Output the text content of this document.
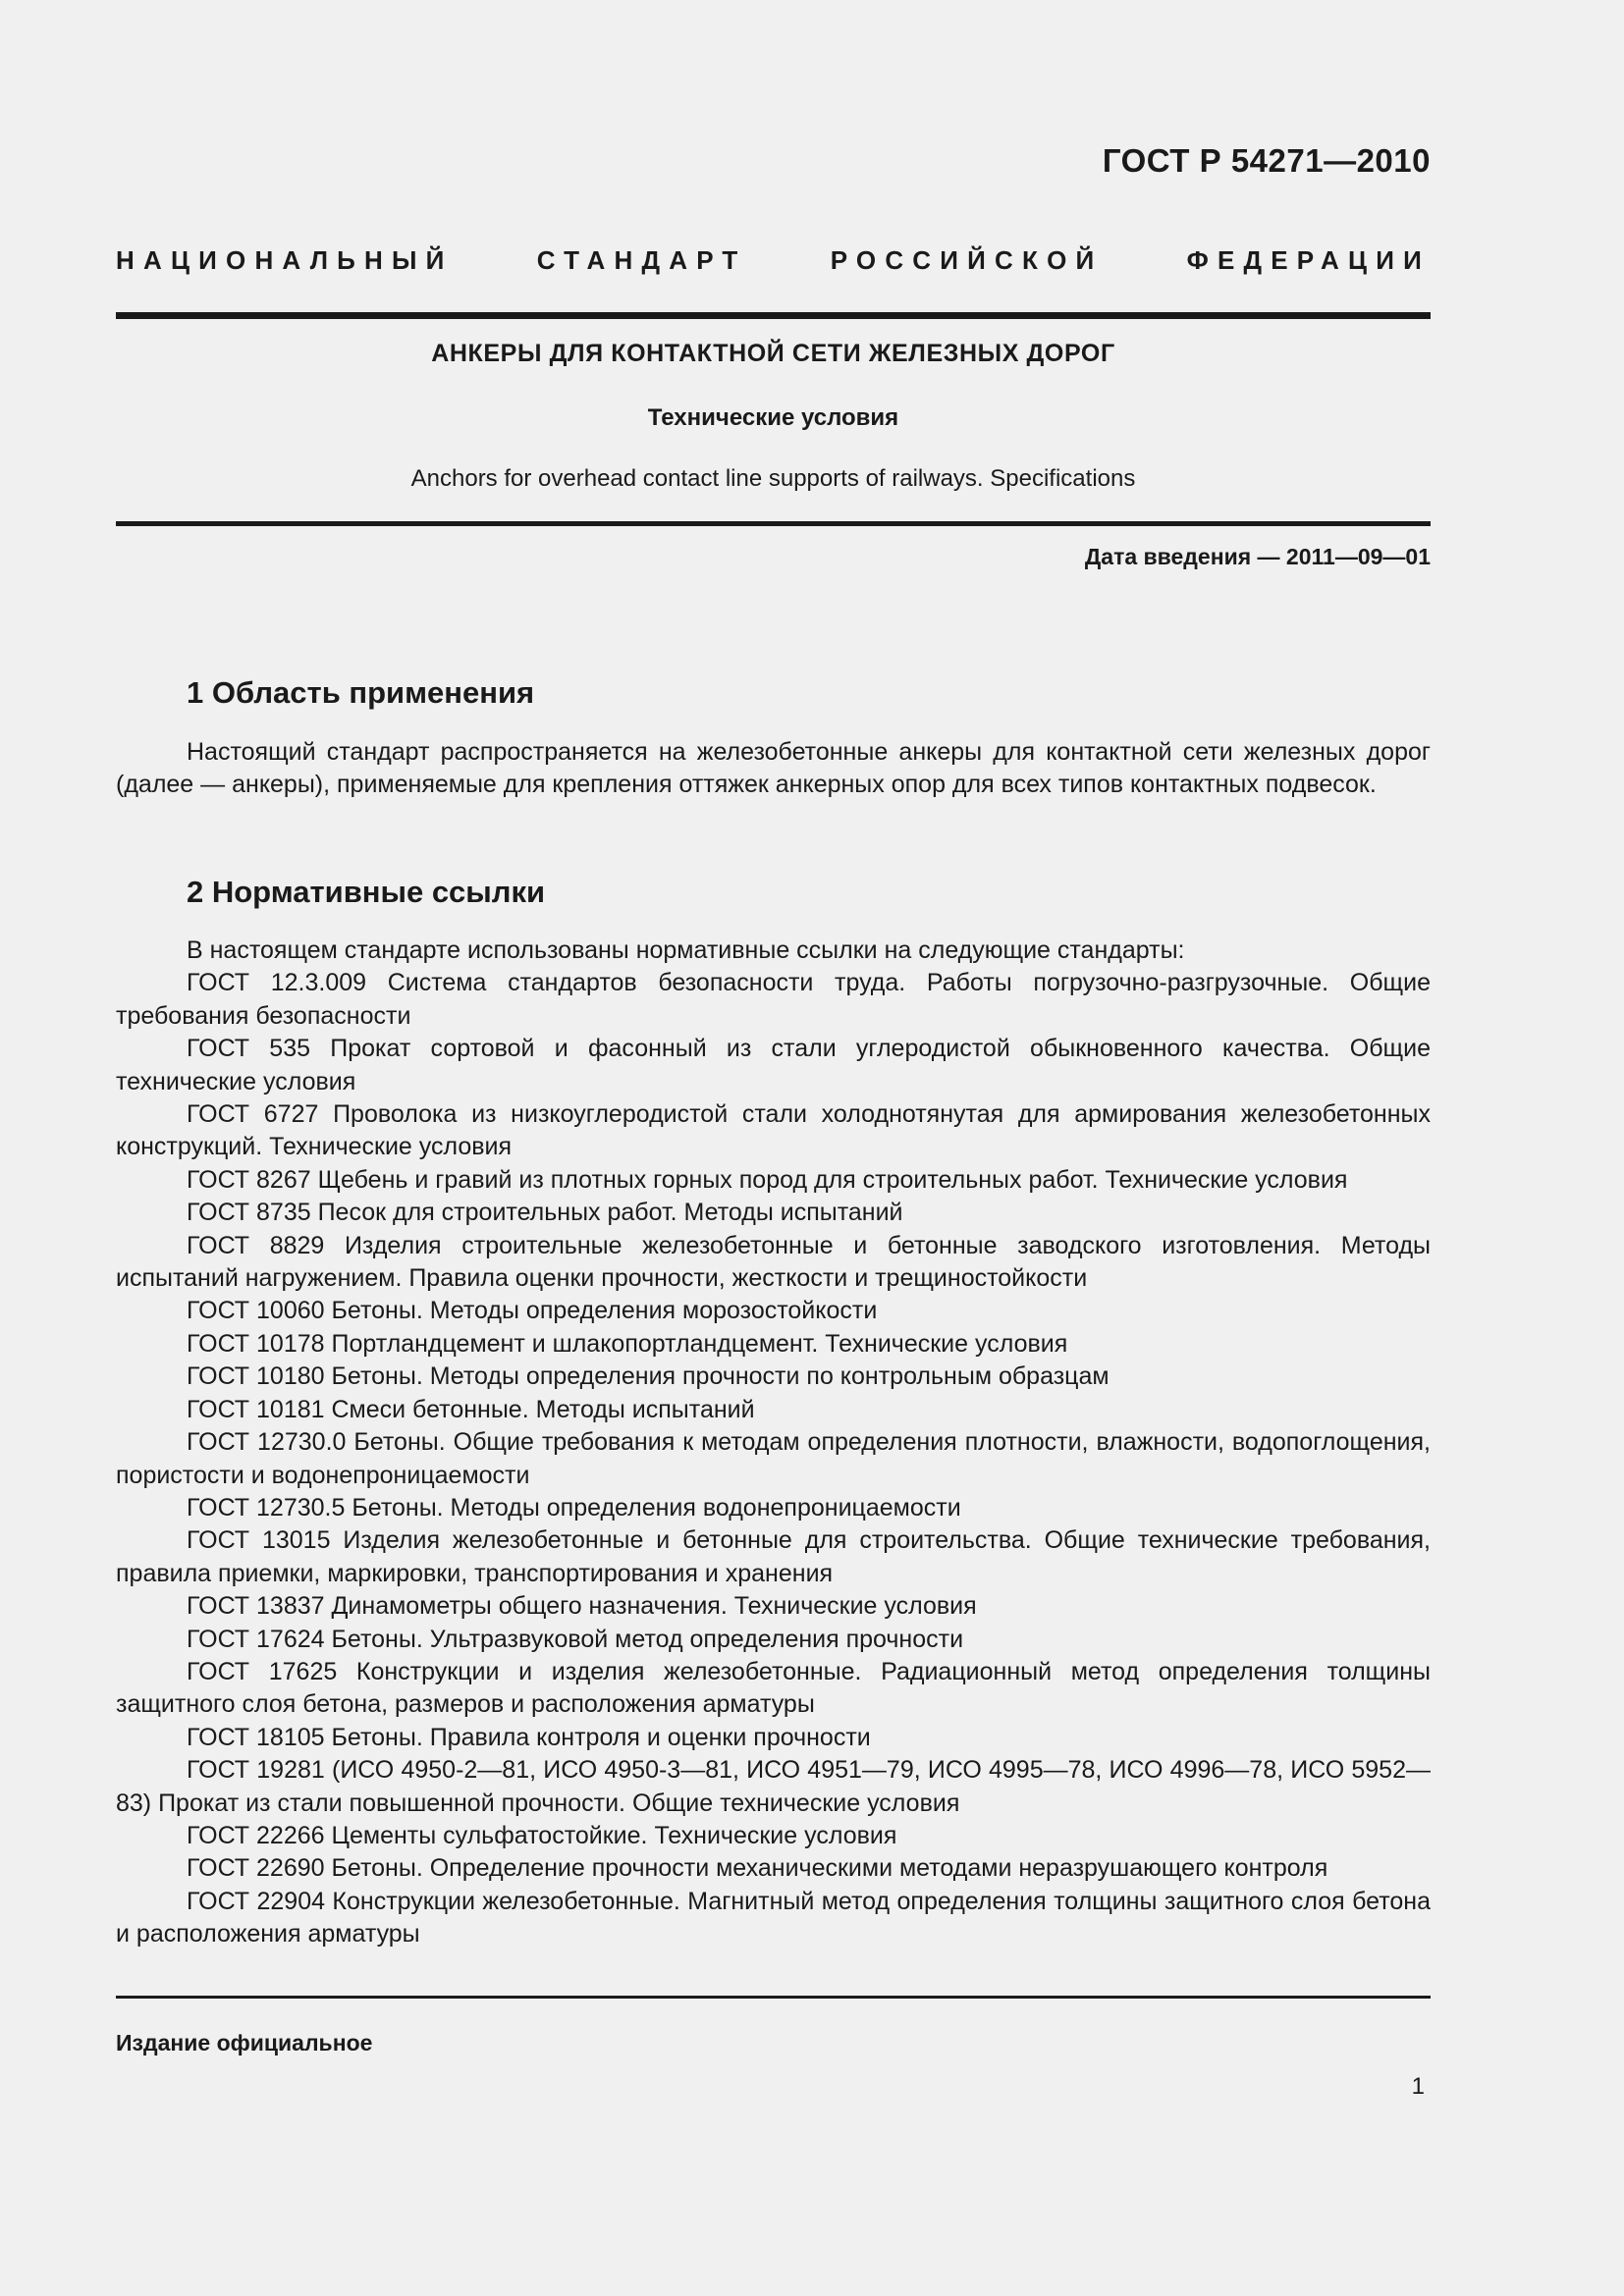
ГОСТ Р 54271—2010
НАЦИОНАЛЬНЫЙ СТАНДАРТ РОССИЙСКОЙ ФЕДЕРАЦИИ
АНКЕРЫ ДЛЯ КОНТАКТНОЙ СЕТИ ЖЕЛЕЗНЫХ ДОРОГ
Технические условия
Anchors for overhead contact line supports of railways. Specifications
Дата введения — 2011—09—01
1 Область применения

Настоящий стандарт распространяется на железобетонные анкеры для контактной сети железных дорог (далее — анкеры), применяемые для крепления оттяжек анкерных опор для всех типов контактных подвесок.

2 Нормативные ссылки

В настоящем стандарте использованы нормативные ссылки на следующие стандарты:

ГОСТ 12.3.009 Система стандартов безопасности труда. Работы погрузочно-разгрузочные. Общие требования безопасности

ГОСТ 535 Прокат сортовой и фасонный из стали углеродистой обыкновенного качества. Общие технические условия

ГОСТ 6727 Проволока из низкоуглеродистой стали холоднотянутая для армирования железобетонных конструкций. Технические условия

ГОСТ 8267 Щебень и гравий из плотных горных пород для строительных работ. Технические условия

ГОСТ 8735 Песок для строительных работ. Методы испытаний

ГОСТ 8829 Изделия строительные железобетонные и бетонные заводского изготовления. Методы испытаний нагружением. Правила оценки прочности, жесткости и трещиностойкости

ГОСТ 10060 Бетоны. Методы определения морозостойкости

ГОСТ 10178 Портландцемент и шлакопортландцемент. Технические условия

ГОСТ 10180 Бетоны. Методы определения прочности по контрольным образцам

ГОСТ 10181 Смеси бетонные. Методы испытаний

ГОСТ 12730.0 Бетоны. Общие требования к методам определения плотности, влажности, водопоглощения, пористости и водонепроницаемости

ГОСТ 12730.5 Бетоны. Методы определения водонепроницаемости

ГОСТ 13015 Изделия железобетонные и бетонные для строительства. Общие технические требования, правила приемки, маркировки, транспортирования и хранения

ГОСТ 13837 Динамометры общего назначения. Технические условия

ГОСТ 17624 Бетоны. Ультразвуковой метод определения прочности

ГОСТ 17625 Конструкции и изделия железобетонные. Радиационный метод определения толщины защитного слоя бетона, размеров и расположения арматуры

ГОСТ 18105 Бетоны. Правила контроля и оценки прочности

ГОСТ 19281 (ИСО 4950-2—81, ИСО 4950-3—81, ИСО 4951—79, ИСО 4995—78, ИСО 4996—78, ИСО 5952—83) Прокат из стали повышенной прочности. Общие технические условия

ГОСТ 22266 Цементы сульфатостойкие. Технические условия

ГОСТ 22690 Бетоны. Определение прочности механическими методами неразрушающего контроля

ГОСТ 22904 Конструкции железобетонные. Магнитный метод определения толщины защитного слоя бетона и расположения арматуры

Издание официальное
1
